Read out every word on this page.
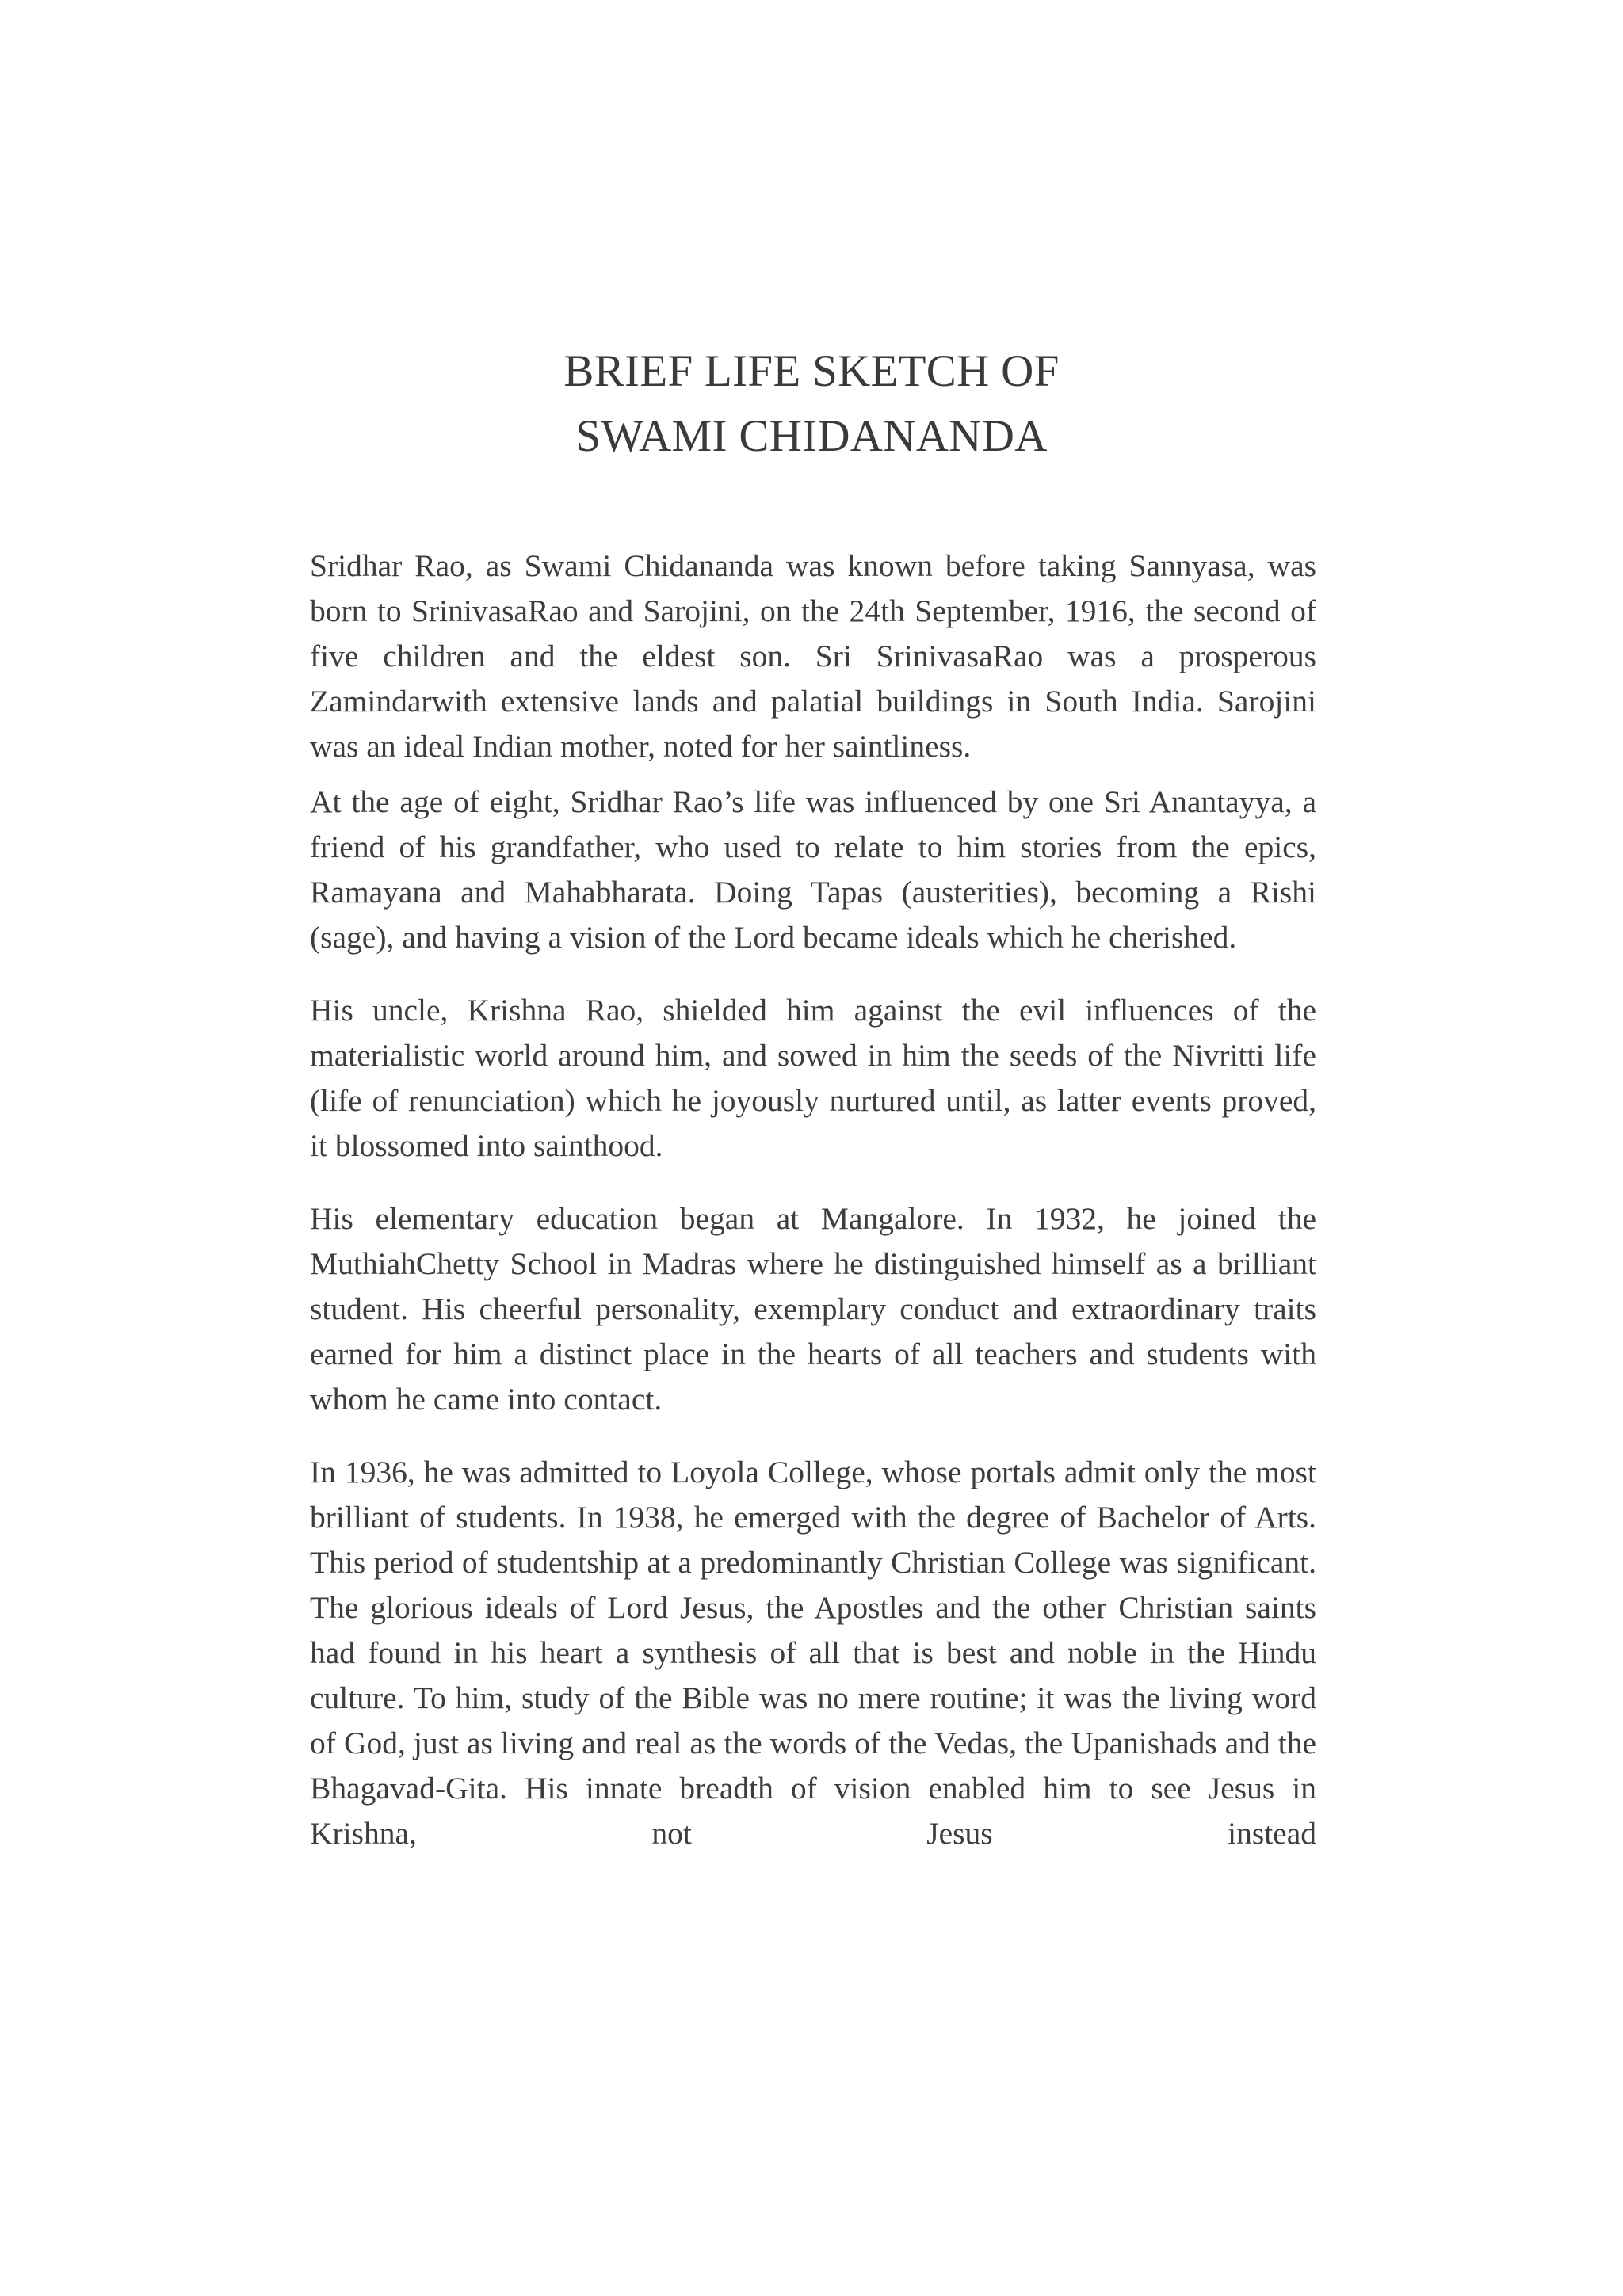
BRIEF LIFE SKETCH OF
SWAMI CHIDANANDA

Sridhar Rao, as Swami Chidananda was known before taking Sannyasa, was born to SrinivasaRao and Sarojini, on the 24th September, 1916, the second of five children and the eldest son. Sri SrinivasaRao was a prosperous Zamindarwith extensive lands and palatial buildings in South India. Sarojini was an ideal Indian mother, noted for her saintliness.

At the age of eight, Sridhar Rao’s life was influenced by one Sri Anantayya, a friend of his grandfather, who used to relate to him stories from the epics, Ramayana and Mahabharata. Doing Tapas (austerities), becoming a Rishi (sage), and having a vision of the Lord became ideals which he cherished.

His uncle, Krishna Rao, shielded him against the evil influences of the materialistic world around him, and sowed in him the seeds of the Nivritti life (life of renunciation) which he joyously nurtured until, as latter events proved, it blossomed into sainthood.

His elementary education began at Mangalore. In 1932, he joined the MuthiahChetty School in Madras where he distinguished himself as a brilliant student. His cheerful personality, exemplary conduct and extraordinary traits earned for him a distinct place in the hearts of all teachers and students with whom he came into contact.

In 1936, he was admitted to Loyola College, whose portals admit only the most brilliant of students. In 1938, he emerged with the degree of Bachelor of Arts. This period of studentship at a predominantly Christian College was significant. The glorious ideals of Lord Jesus, the Apostles and the other Christian saints had found in his heart a synthesis of all that is best and noble in the Hindu culture. To him, study of the Bible was no mere routine; it was the living word of God, just as living and real as the words of the Vedas, the Upanishads and the Bhagavad-Gita. His innate breadth of vision enabled him to see Jesus in Krishna, not Jesus instead
